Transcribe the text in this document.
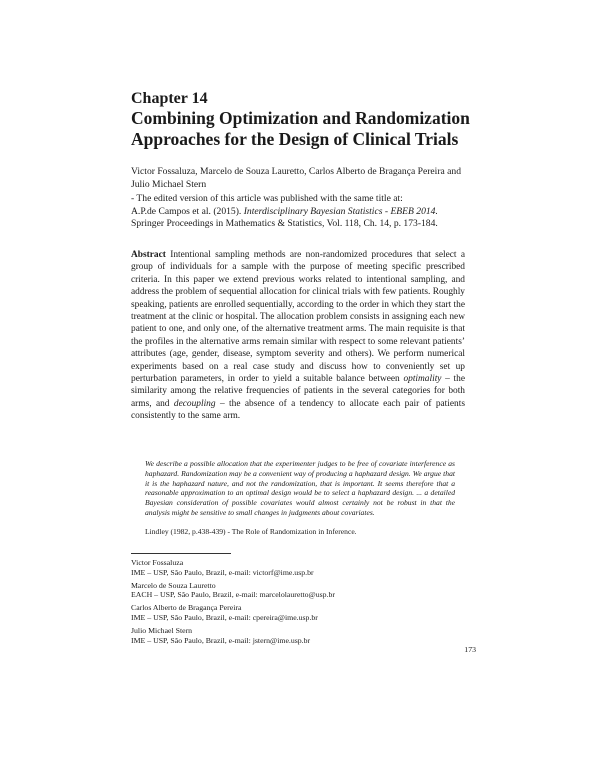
Chapter 14
Combining Optimization and Randomization
Approaches for the Design of Clinical Trials
Victor Fossaluza, Marcelo de Souza Lauretto, Carlos Alberto de Bragança Pereira and Julio Michael Stern
- The edited version of this article was published with the same title at:
A.P.de Campos et al. (2015). Interdisciplinary Bayesian Statistics - EBEB 2014.
Springer Proceedings in Mathematics & Statistics, Vol. 118, Ch. 14, p. 173-184.
Abstract Intentional sampling methods are non-randomized procedures that select a group of individuals for a sample with the purpose of meeting specific prescribed criteria. In this paper we extend previous works related to intentional sampling, and address the problem of sequential allocation for clinical trials with few patients. Roughly speaking, patients are enrolled sequentially, according to the order in which they start the treatment at the clinic or hospital. The allocation problem consists in assigning each new patient to one, and only one, of the alternative treatment arms. The main requisite is that the profiles in the alternative arms remain similar with respect to some relevant patients’ attributes (age, gender, disease, symptom severity and others). We perform numerical experiments based on a real case study and discuss how to conveniently set up perturbation parameters, in order to yield a suitable balance between optimality – the similarity among the relative frequencies of patients in the several categories for both arms, and decoupling – the absence of a tendency to allocate each pair of patients consistently to the same arm.
We describe a possible allocation that the experimenter judges to be free of covariate interference as haphazard. Randomization may be a convenient way of producing a haphazard design. We argue that it is the haphazard nature, and not the randomization, that is important. It seems therefore that a reasonable approximation to an optimal design would be to select a haphazard design. ... a detailed Bayesian consideration of possible covariates would almost certainly not be robust in that the analysis might be sensitive to small changes in judgments about covariates.
Lindley (1982, p.438-439) - The Role of Randomization in Inference.
Victor Fossaluza
IME – USP, São Paulo, Brazil, e-mail: victorf@ime.usp.br
Marcelo de Souza Lauretto
EACH – USP, São Paulo, Brazil, e-mail: marcelolauretto@usp.br
Carlos Alberto de Bragança Pereira
IME – USP, São Paulo, Brazil, e-mail: cpereira@ime.usp.br
Julio Michael Stern
IME – USP, São Paulo, Brazil, e-mail: jstern@ime.usp.br
173
